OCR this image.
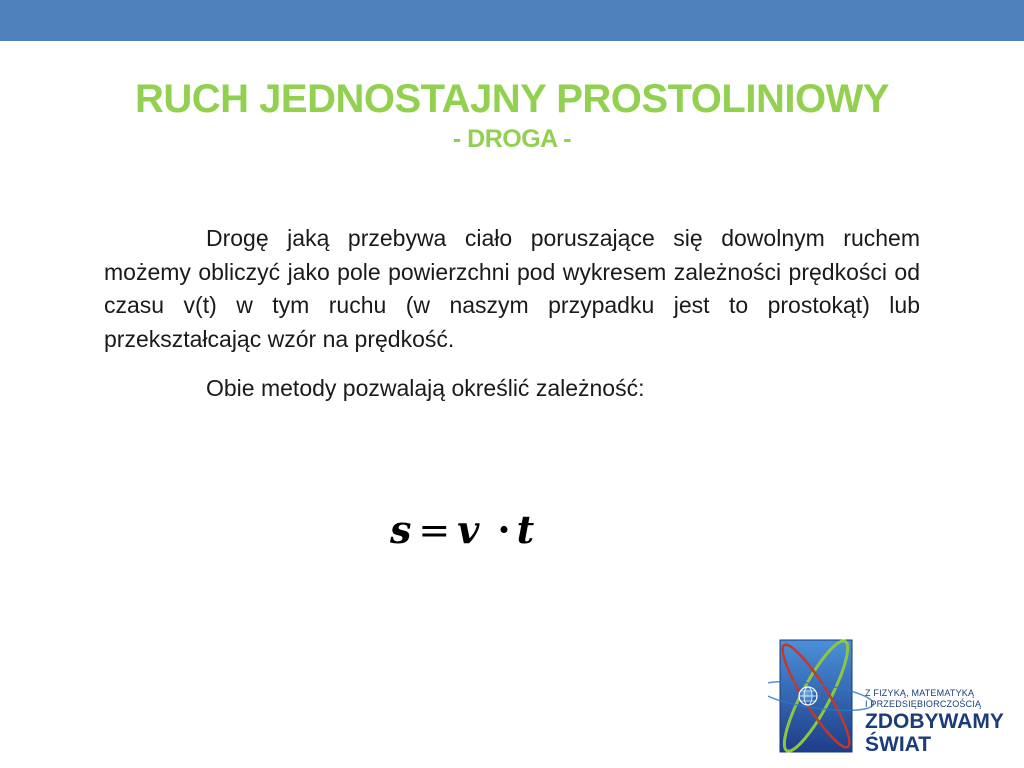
RUCH JEDNOSTAJNY PROSTOLINIOWY
- DROGA -

Drogę jaką przebywa ciało poruszające się dowolnym ruchem możemy obliczyć jako pole powierzchni pod wykresem zależności prędkości od czasu v(t) w tym ruchu (w naszym przypadku jest to prostokąt) lub przekształcając wzór na prędkość.

Obie metody pozwalają określić zależność:

s = v · t
Z FIZYKĄ, MATEMATYKĄ
I PRZEDSIĘBIORCZOŚCIĄ
ZDOBYWAMY
ŚWIAT
